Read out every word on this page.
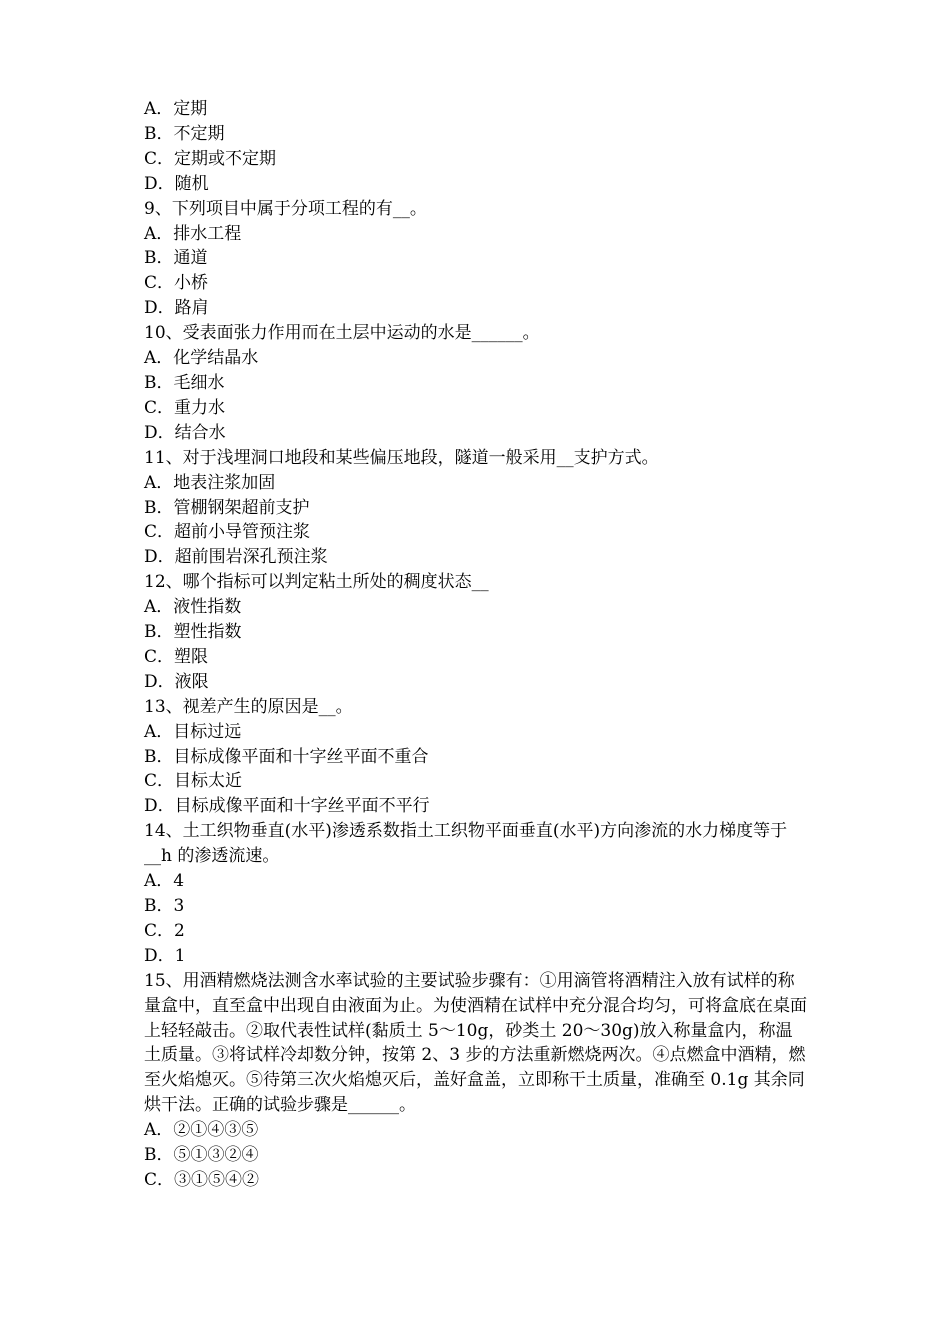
A．定期

B．不定期

C．定期或不定期

D．随机

9、下列项目中属于分项工程的有__。

A．排水工程

B．通道

C．小桥

D．路肩

10、受表面张力作用而在土层中运动的水是______。

A．化学结晶水

B．毛细水

C．重力水

D．结合水

11、对于浅埋洞口地段和某些偏压地段，隧道一般采用__支护方式。

A．地表注浆加固

B．管棚钢架超前支护

C．超前小导管预注浆

D．超前围岩深孔预注浆

12、哪个指标可以判定粘土所处的稠度状态__

A．液性指数

B．塑性指数

C．塑限

D．液限

13、视差产生的原因是__。

A．目标过远

B．目标成像平面和十字丝平面不重合

C．目标太近

D．目标成像平面和十字丝平面不平行

14、土工织物垂直(水平)渗透系数指土工织物平面垂直(水平)方向渗流的水力梯度等于__h 的渗透流速。

A．4

B．3

C．2

D．1

15、用酒精燃烧法测含水率试验的主要试验步骤有：①用滴管将酒精注入放有试样的称量盒中，直至盒中出现自由液面为止。为使酒精在试样中充分混合均匀，可将盒底在桌面上轻轻敲击。②取代表性试样(黏质土 5～10g，砂类土 20～30g)放入称量盒内，称温土质量。③将试样冷却数分钟，按第 2、3 步的方法重新燃烧两次。④点燃盒中酒精，燃至火焰熄灭。⑤待第三次火焰熄灭后，盖好盒盖，立即称干土质量，准确至 0.1g 其余同烘干法。正确的试验步骤是______。

A．②①④③⑤

B．⑤①③②④

C．③①⑤④②
